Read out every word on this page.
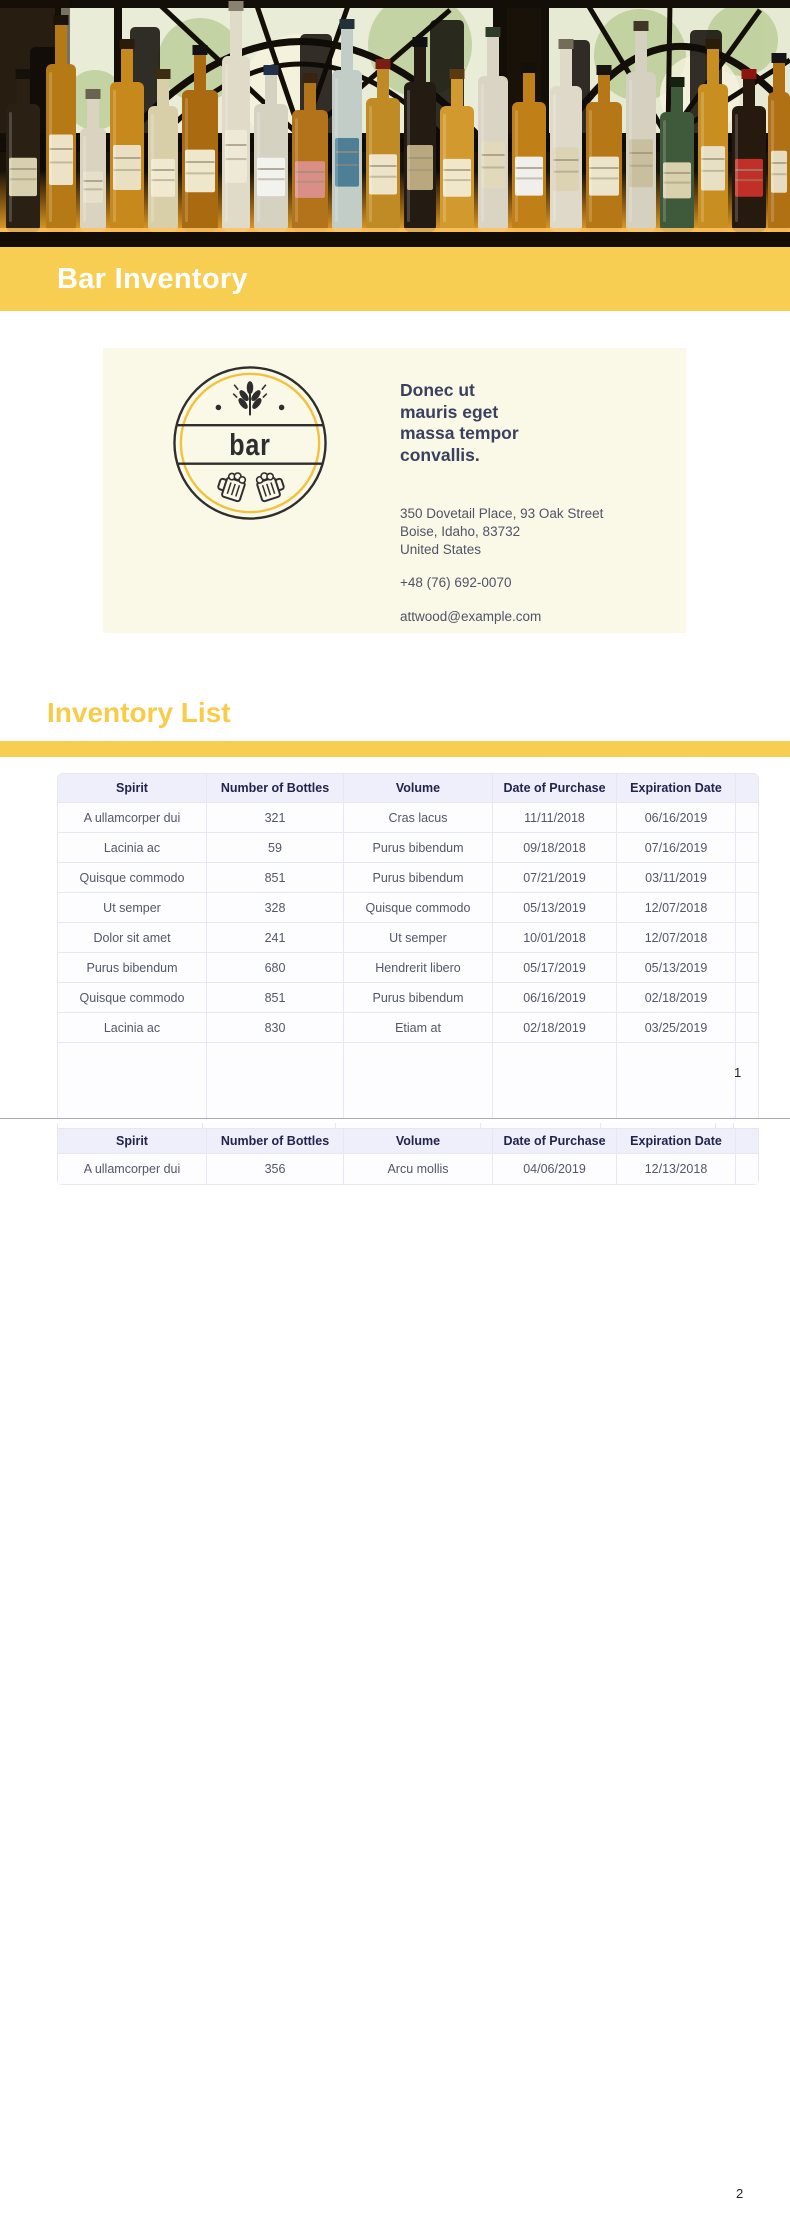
Bar Inventory
bar
Donec ut mauris eget massa tempor convallis.
350 Dovetail Place, 93 Oak Street
Boise, Idaho, 83732
United States
+48 (76) 692-0070
attwood@example.com
Inventory List
Spirit	Number of Bottles	Volume	Date of Purchase	Expiration Date	
A ullamcorper dui	321	Cras lacus	11/11/2018	06/16/2019	
Lacinia ac	59	Purus bibendum	09/18/2018	07/16/2019	
Quisque commodo	851	Purus bibendum	07/21/2019	03/11/2019	
Ut semper	328	Quisque commodo	05/13/2019	12/07/2018	
Dolor sit amet	241	Ut semper	10/01/2018	12/07/2018	
Purus bibendum	680	Hendrerit libero	05/17/2019	05/13/2019	
Quisque commodo	851	Purus bibendum	06/16/2019	02/18/2019	
Lacinia ac	830	Etiam at	02/18/2019	03/25/2019	

1
Spirit	Number of Bottles	Volume	Date of Purchase	Expiration Date	
A ullamcorper dui	356	Arcu mollis	04/06/2019	12/13/2018	
2
